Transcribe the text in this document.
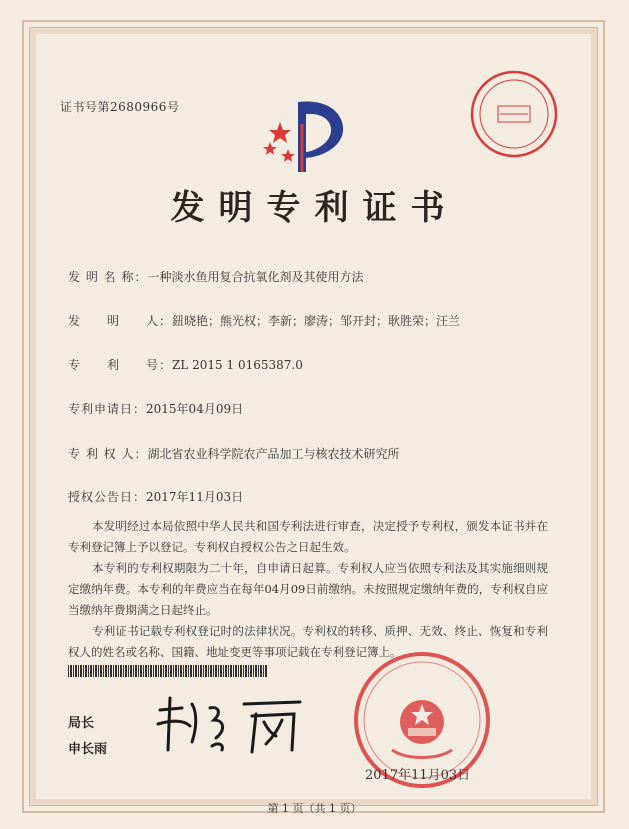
证书号第2680966号
发明专利证书
发 明 名 称：一种淡水鱼用复合抗氧化剂及其使用方法
发　　明　　人：鈕晓艳；熊光权；李新；廖涛；邹开封；耿胜荣；汪兰
专　　利　　号：ZL 2015 1 0165387.0
专利申请日：2015年04月09日
专 利 权 人：湖北省农业科学院农产品加工与核农技术研究所
授权公告日：2017年11月03日

本发明经过本局依照中华人民共和国专利法进行审查，决定授予专利权，颁发本证书并在专利登记簿上予以登记。专利权自授权公告之日起生效。

本专利的专利权期限为二十年，自申请日起算。专利权人应当依照专利法及其实施细则规定缴纳年费。本专利的年费应当在每年04月09日前缴纳。未按照规定缴纳年费的，专利权自应当缴纳年费期满之日起终止。

专利证书记载专利权登记时的法律状况。专利权的转移、质押、无效、终止、恢复和专利权人的姓名或名称、国籍、地址变更等事项记载在专利登记簿上。

局长
申长雨
2017年11月03日
第 1 页（共 1 页）
